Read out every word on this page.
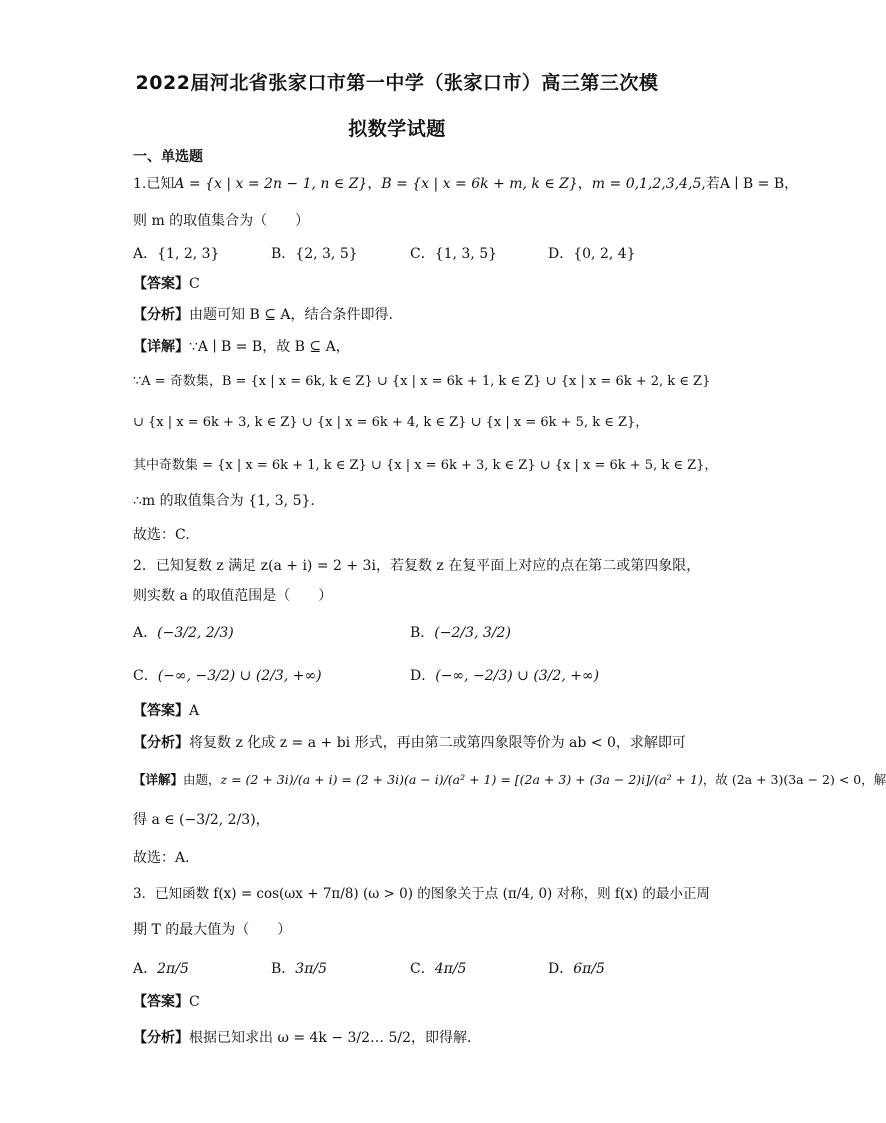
2022届河北省张家口市第一中学（张家口市）高三第三次模
拟数学试题
一、单选题
1.已知A = {x | x = 2n − 1, n ∈ Z}，B = {x | x = 6k + m, k ∈ Z}，m = 0,1,2,3,4,5,若A ∣ B = B，
则 m 的取值集合为（　　）
A．{1, 2, 3}	B．{2, 3, 5}	C．{1, 3, 5}	D．{0, 2, 4}
【答案】C
【分析】由题可知 B ⊆ A，结合条件即得.
【详解】∵A ∣ B = B，故 B ⊆ A，
∵A = 奇数集，B = {x | x = 6k, k ∈ Z} ∪ {x | x = 6k + 1, k ∈ Z} ∪ {x | x = 6k + 2, k ∈ Z}
∪ {x | x = 6k + 3, k ∈ Z} ∪ {x | x = 6k + 4, k ∈ Z} ∪ {x | x = 6k + 5, k ∈ Z}，
其中奇数集 = {x | x = 6k + 1, k ∈ Z} ∪ {x | x = 6k + 3, k ∈ Z} ∪ {x | x = 6k + 5, k ∈ Z}，
∴m 的取值集合为 {1, 3, 5}.
故选：C.
2．已知复数 z 满足 z(a + i) = 2 + 3i，若复数 z 在复平面上对应的点在第二或第四象限，
则实数 a 的取值范围是（　　）
A．(−3/2, 2/3)	B．(−2/3, 3/2)
C．(−∞, −3/2) ∪ (2/3, +∞)	D．(−∞, −2/3) ∪ (3/2, +∞)
【答案】A
【分析】将复数 z 化成 z = a + bi 形式，再由第二或第四象限等价为 ab < 0，求解即可
【详解】由题，z = (2 + 3i)/(a + i) = (2 + 3i)(a − i)/(a² + 1) = [(2a + 3) + (3a − 2)i]/(a² + 1)，故 (2a + 3)(3a − 2) < 0，解
得 a ∈ (−3/2, 2/3)，
故选：A.
3．已知函数 f(x) = cos(ωx + 7π/8) (ω > 0) 的图象关于点 (π/4, 0) 对称，则 f(x) 的最小正周
期 T 的最大值为（　　）
A．2π/5	B．3π/5	C．4π/5	D．6π/5
【答案】C
【分析】根据已知求出 ω = 4k − 3/2… 5/2，即得解.
